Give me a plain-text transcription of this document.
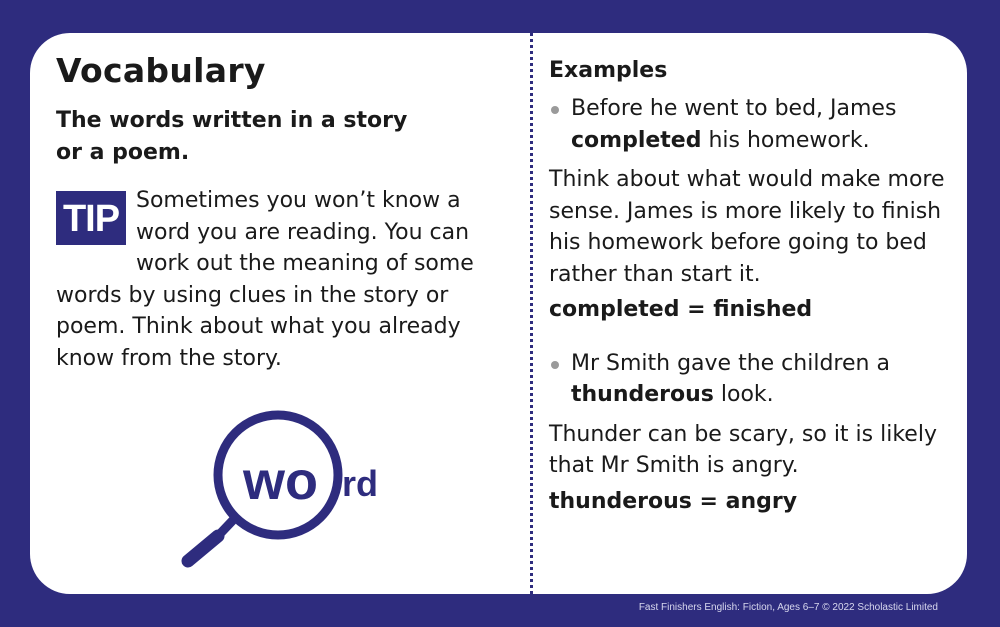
Vocabulary
The words written in a story or a poem.
TIP Sometimes you won’t know a word you are reading. You can work out the meaning of some words by using clues in the story or poem. Think about what you already know from the story.
wo rd
Examples
Before he went to bed, James completed his homework.
Think about what would make more sense. James is more likely to finish his homework before going to bed rather than start it.
completed = finished
Mr Smith gave the children a thunderous look.
Thunder can be scary, so it is likely that Mr Smith is angry.
thunderous = angry
Fast Finishers English: Fiction, Ages 6–7 © 2022 Scholastic Limited
